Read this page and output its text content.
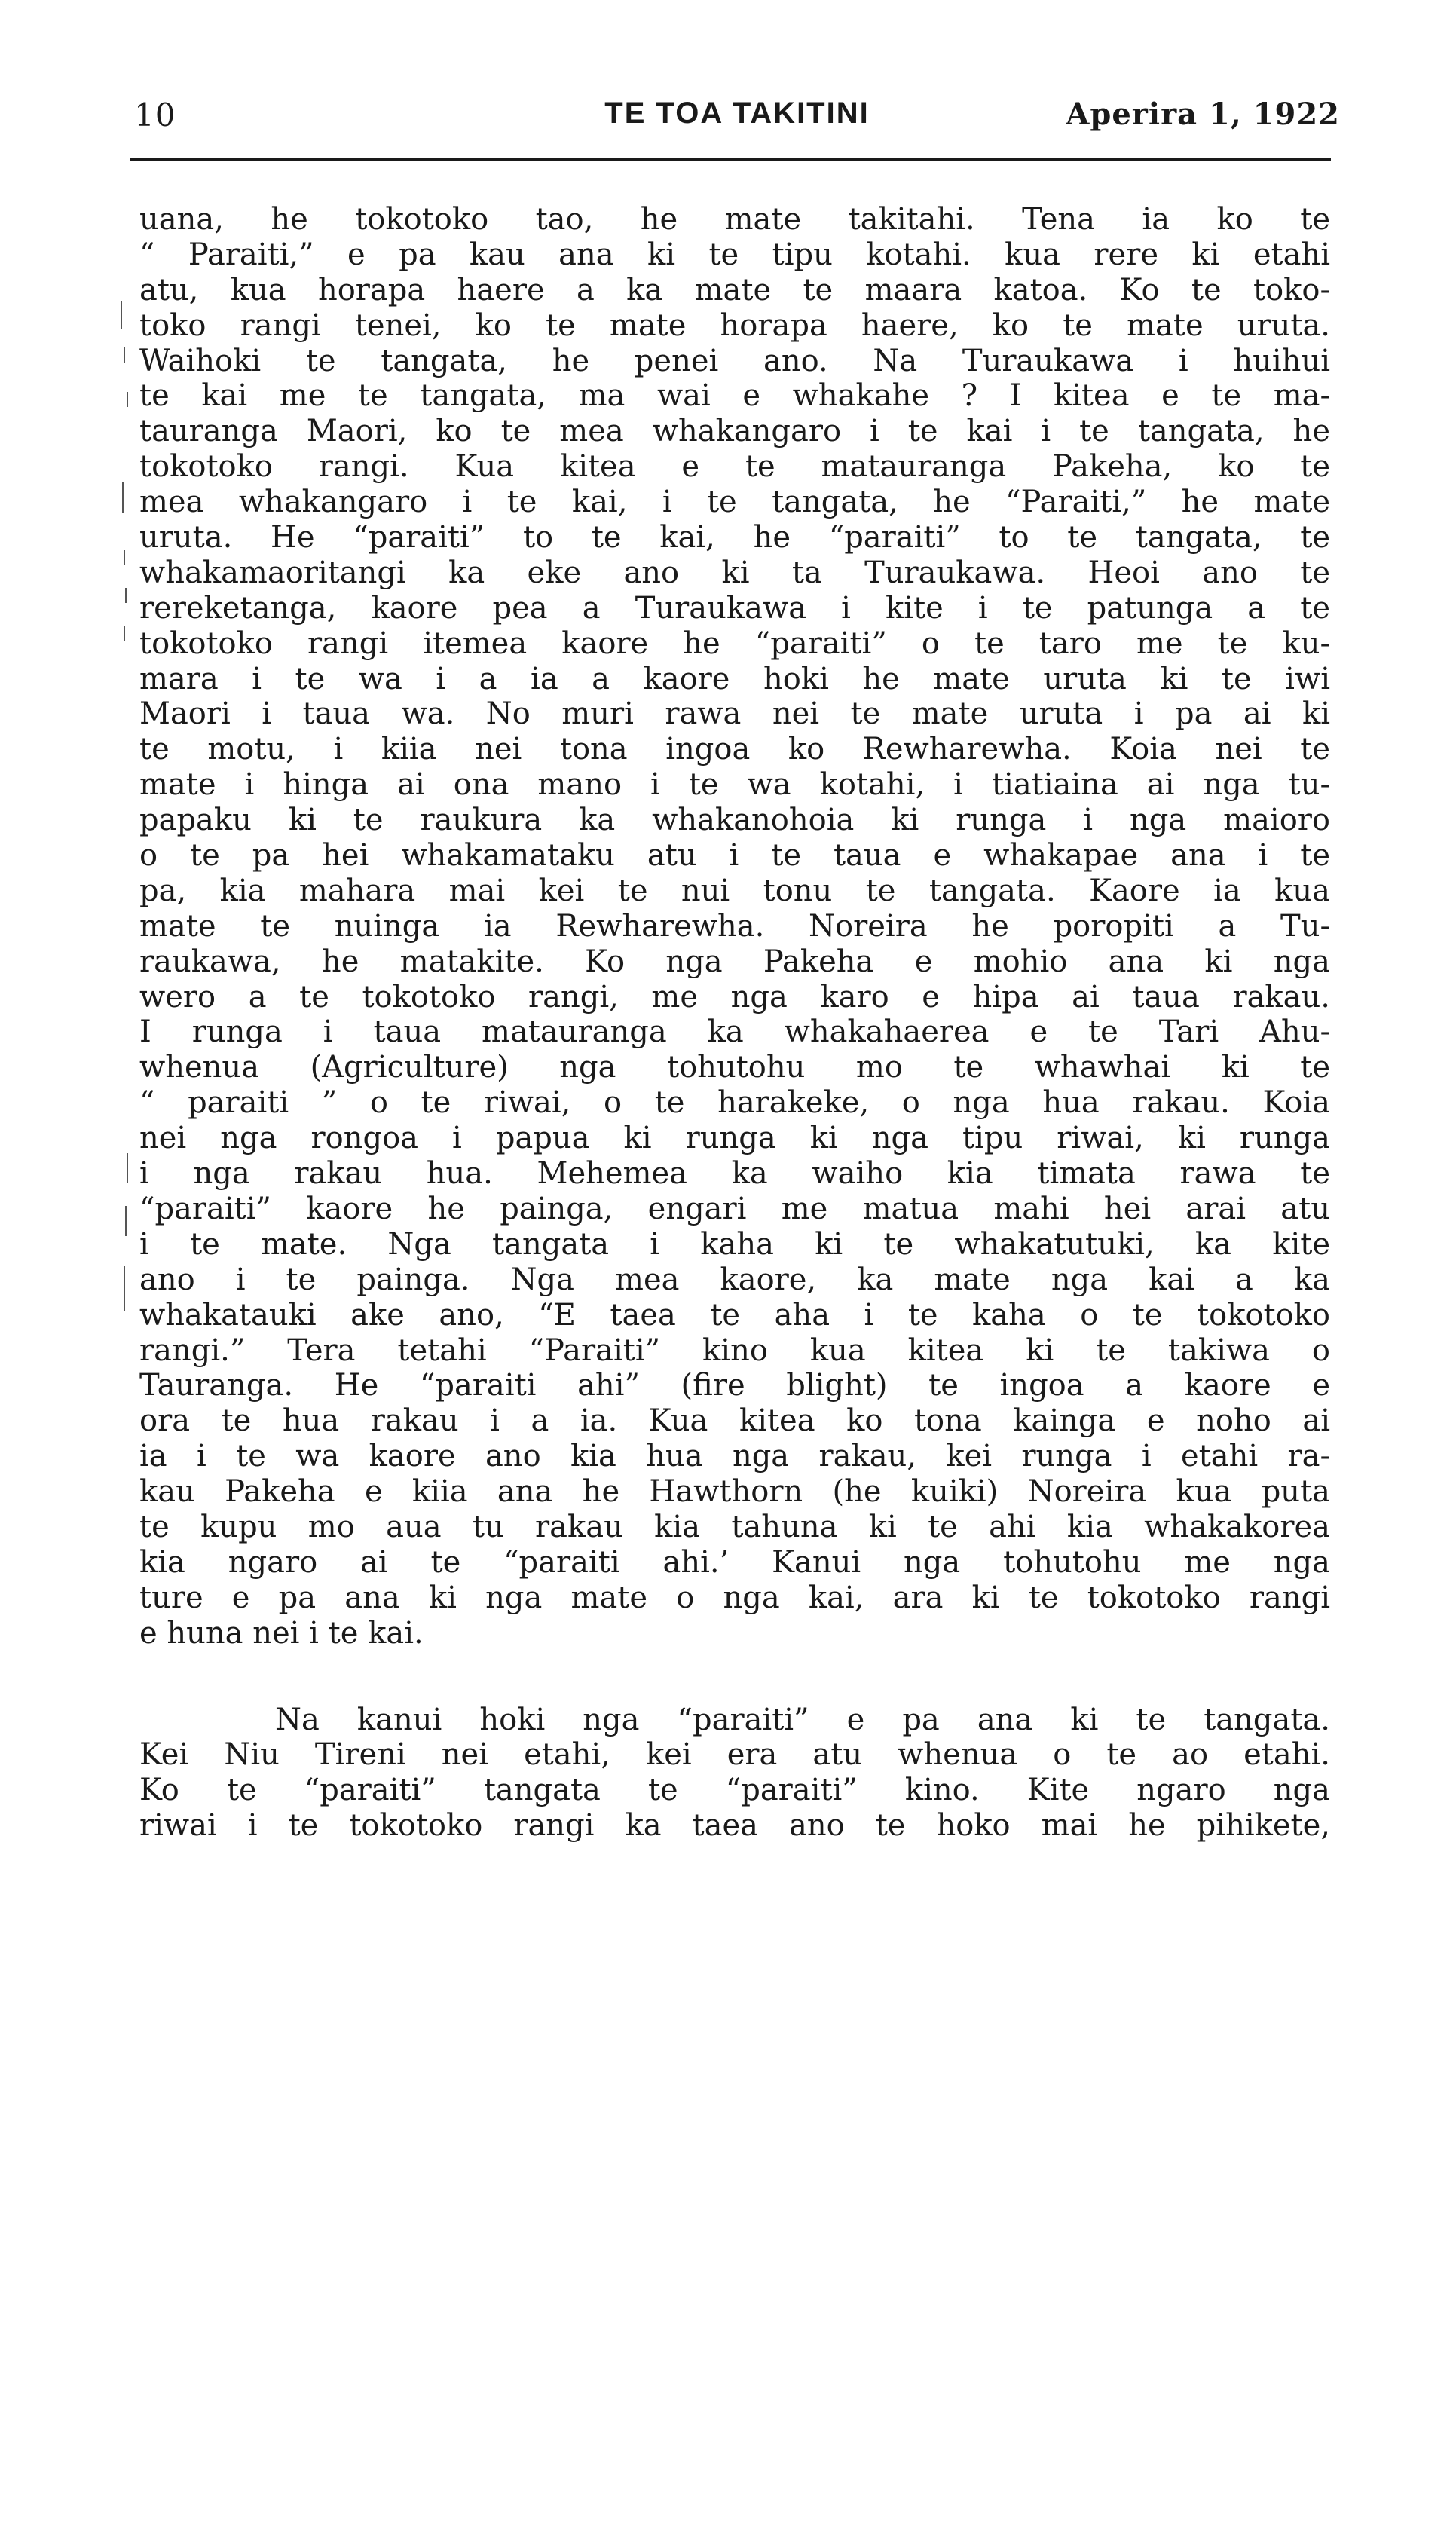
10	TE TOA TAKITINI	Aperira 1, 1922
uana, he tokotoko tao, he mate takitahi. Tena ia ko te
“ Paraiti,” e pa kau ana ki te tipu kotahi. kua rere ki etahi
atu, kua horapa haere a ka mate te maara katoa. Ko te toko-
toko rangi tenei, ko te mate horapa haere, ko te mate uruta.
Waihoki te tangata, he penei ano. Na Turaukawa i huihui
te kai me te tangata, ma wai e whakahe ? I kitea e te ma-
tauranga Maori, ko te mea whakangaro i te kai i te tangata, he
tokotoko rangi. Kua kitea e te matauranga Pakeha, ko te
mea whakangaro i te kai, i te tangata, he “Paraiti,” he mate
uruta. He “paraiti” to te kai, he “paraiti” to te tangata, te
whakamaoritangi ka eke ano ki ta Turaukawa. Heoi ano te
rereketanga, kaore pea a Turaukawa i kite i te patunga a te
tokotoko rangi itemea kaore he “paraiti” o te taro me te ku-
mara i te wa i a ia a kaore hoki he mate uruta ki te iwi
Maori i taua wa. No muri rawa nei te mate uruta i pa ai ki
te motu, i kiia nei tona ingoa ko Rewharewha. Koia nei te
mate i hinga ai ona mano i te wa kotahi, i tiatiaina ai nga tu-
papaku ki te raukura ka whakanohoia ki runga i nga maioro
o te pa hei whakamataku atu i te taua e whakapae ana i te
pa, kia mahara mai kei te nui tonu te tangata. Kaore ia kua
mate te nuinga ia Rewharewha. Noreira he poropiti a Tu-
raukawa, he matakite. Ko nga Pakeha e mohio ana ki nga
wero a te tokotoko rangi, me nga karo e hipa ai taua rakau.
I runga i taua matauranga ka whakahaerea e te Tari Ahu-
whenua (Agriculture) nga tohutohu mo te whawhai ki te
“ paraiti ” o te riwai, o te harakeke, o nga hua rakau. Koia
nei nga rongoa i papua ki runga ki nga tipu riwai, ki runga
i nga rakau hua. Mehemea ka waiho kia timata rawa te
“paraiti” kaore he painga, engari me matua mahi hei arai atu
i te mate. Nga tangata i kaha ki te whakatutuki, ka kite
ano i te painga. Nga mea kaore, ka mate nga kai a ka
whakatauki ake ano, “E taea te aha i te kaha o te tokotoko
rangi.” Tera tetahi “Paraiti” kino kua kitea ki te takiwa o
Tauranga. He “paraiti ahi” (fire blight) te ingoa a kaore e
ora te hua rakau i a ia. Kua kitea ko tona kainga e noho ai
ia i te wa kaore ano kia hua nga rakau, kei runga i etahi ra-
kau Pakeha e kiia ana he Hawthorn (he kuiki) Noreira kua puta
te kupu mo aua tu rakau kia tahuna ki te ahi kia whakakorea
kia ngaro ai te “paraiti ahi.’ Kanui nga tohutohu me nga
ture e pa ana ki nga mate o nga kai, ara ki te tokotoko rangi
e huna nei i te kai.
Na kanui hoki nga “paraiti” e pa ana ki te tangata.
Kei Niu Tireni nei etahi, kei era atu whenua o te ao etahi.
Ko te “paraiti” tangata te “paraiti” kino. Kite ngaro nga
riwai i te tokotoko rangi ka taea ano te hoko mai he pihikete,
